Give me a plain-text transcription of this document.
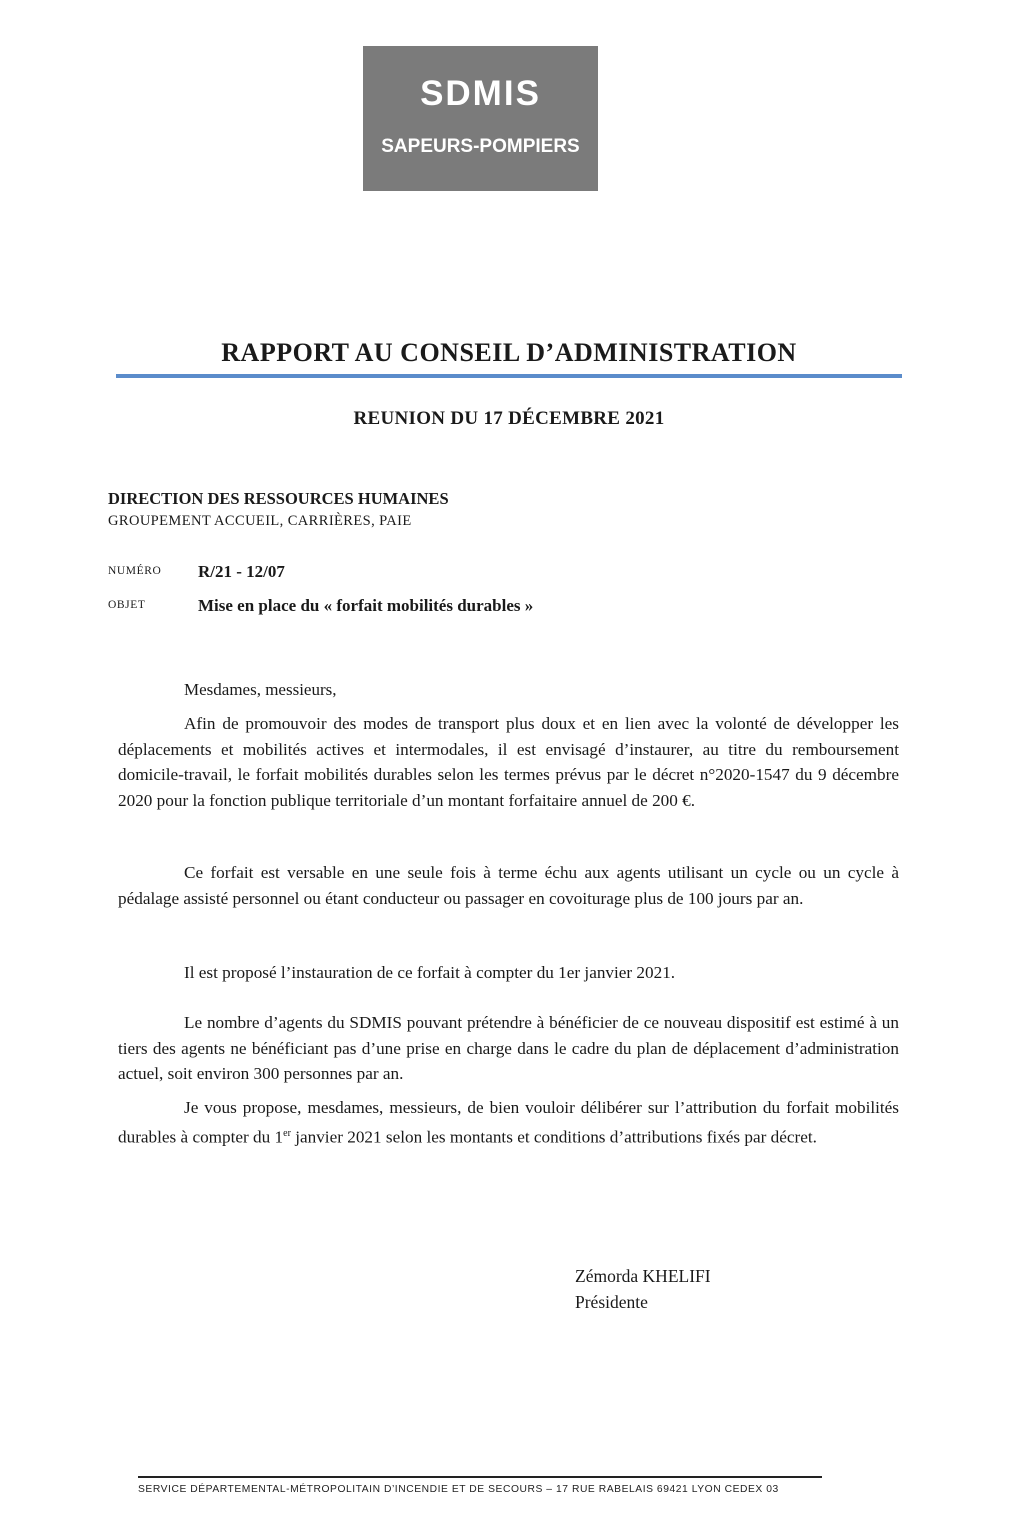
SDMIS
SAPEURS-POMPIERS
RAPPORT AU CONSEIL D’ADMINISTRATION
REUNION DU 17 DÉCEMBRE 2021
DIRECTION DES RESSOURCES HUMAINES
GROUPEMENT ACCUEIL, CARRIÈRES, PAIE
NUMÉRO R/21 - 12/07
OBJET	Mise en place du « forfait mobilités durables »
Mesdames, messieurs,

Afin de promouvoir des modes de transport plus doux et en lien avec la volonté de développer les déplacements et mobilités actives et intermodales, il est envisagé d’instaurer, au titre du remboursement domicile-travail, le forfait mobilités durables selon les termes prévus par le décret n°2020-1547 du 9 décembre 2020 pour la fonction publique territoriale d’un montant forfaitaire annuel de 200 €.

Ce forfait est versable en une seule fois à terme échu aux agents utilisant un cycle ou un cycle à pédalage assisté personnel ou étant conducteur ou passager en covoiturage plus de 100 jours par an.

Il est proposé l’instauration de ce forfait à compter du 1er janvier 2021.

Le nombre d’agents du SDMIS pouvant prétendre à bénéficier de ce nouveau dispositif est estimé à un tiers des agents ne bénéficiant pas d’une prise en charge dans le cadre du plan de déplacement d’administration actuel, soit environ 300 personnes par an.

Je vous propose, mesdames, messieurs, de bien vouloir délibérer sur l’attribution du forfait mobilités durables à compter du 1er janvier 2021 selon les montants et conditions d’attributions fixés par décret.

Zémorda KHELIFI
Présidente
SERVICE DÉPARTEMENTAL-MÉTROPOLITAIN D’INCENDIE ET DE SECOURS – 17 RUE RABELAIS 69421 LYON CEDEX 03
